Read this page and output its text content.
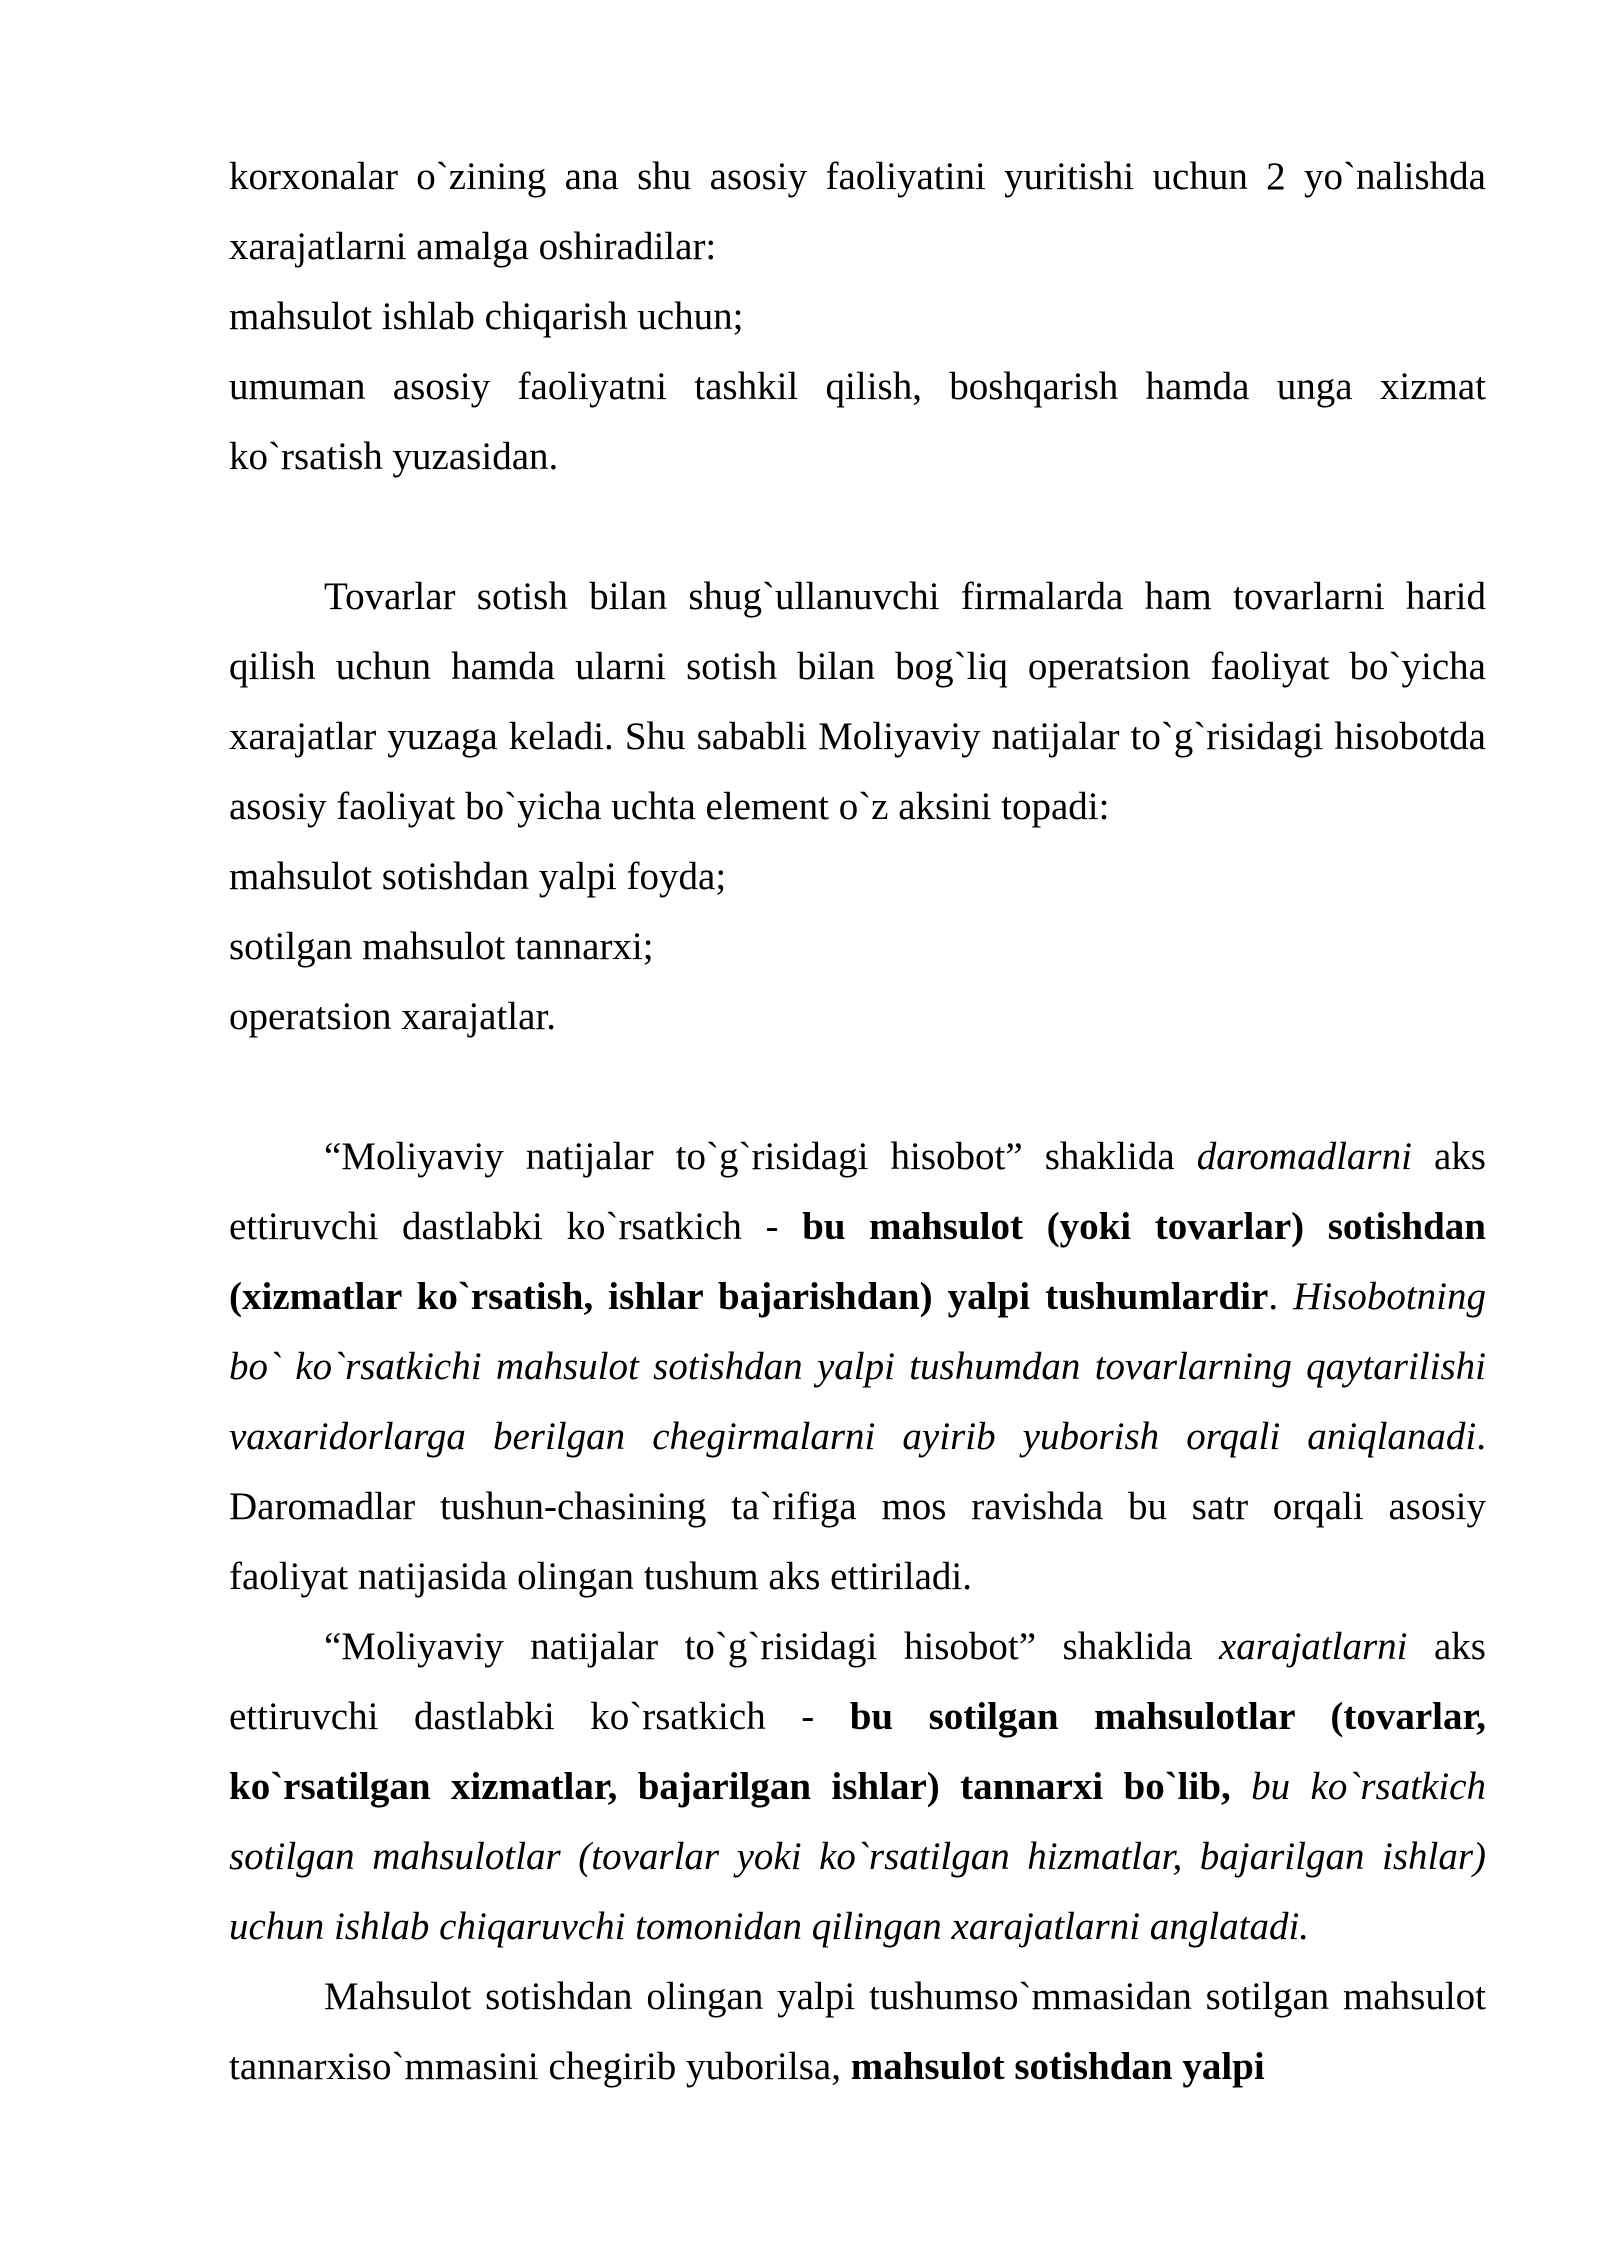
korxonalar o`zining ana shu asosiy faoliyatini yuritishi uchun 2 yo`nalishda xarajatlarni amalga oshiradilar:

mahsulot ishlab chiqarish uchun;

umuman asosiy faoliyatni tashkil qilish, boshqarish hamda unga xizmat ko`rsatish yuzasidan.

Tovarlar sotish bilan shug`ullanuvchi firmalarda ham tovarlarni harid qilish uchun hamda ularni sotish bilan bog`liq operatsion faoliyat bo`yicha xarajatlar yuzaga keladi. Shu sababli Moliyaviy natijalar to`g`risidagi hisobotda asosiy faoliyat bo`yicha uchta element o`z aksini topadi:

mahsulot sotishdan yalpi foyda;

sotilgan mahsulot tannarxi;

operatsion xarajatlar.

“Moliyaviy natijalar to`g`risidagi hisobot” shaklida daromadlarni aks ettiruvchi dastlabki ko`rsatkich - bu mahsulot (yoki tovarlar) sotishdan (xizmatlar ko`rsatish, ishlar bajarishdan) yalpi tushumlardir. Hisobotning bo` ko`rsatkichi mahsulot sotishdan yalpi tushumdan tovarlarning qaytarilishi vaxaridorlarga berilgan chegirmalarni ayirib yuborish orqali aniqlanadi. Daromadlar tushun-chasining ta`rifiga mos ravishda bu satr orqali asosiy faoliyat natijasida olingan tushum aks ettiriladi.

“Moliyaviy natijalar to`g`risidagi hisobot” shaklida xarajatlarni aks ettiruvchi dastlabki ko`rsatkich - bu sotilgan mahsulotlar (tovarlar, ko`rsatilgan xizmatlar, bajarilgan ishlar) tannarxi bo`lib, bu ko`rsatkich sotilgan mahsulotlar (tovarlar yoki ko`rsatilgan hizmatlar, bajarilgan ishlar) uchun ishlab chiqaruvchi tomonidan qilingan xarajatlarni anglatadi.

Mahsulot sotishdan olingan yalpi tushumso`mmasidan sotilgan mahsulot tannarxiso`mmasini chegirib yuborilsa, mahsulot sotishdan yalpi
